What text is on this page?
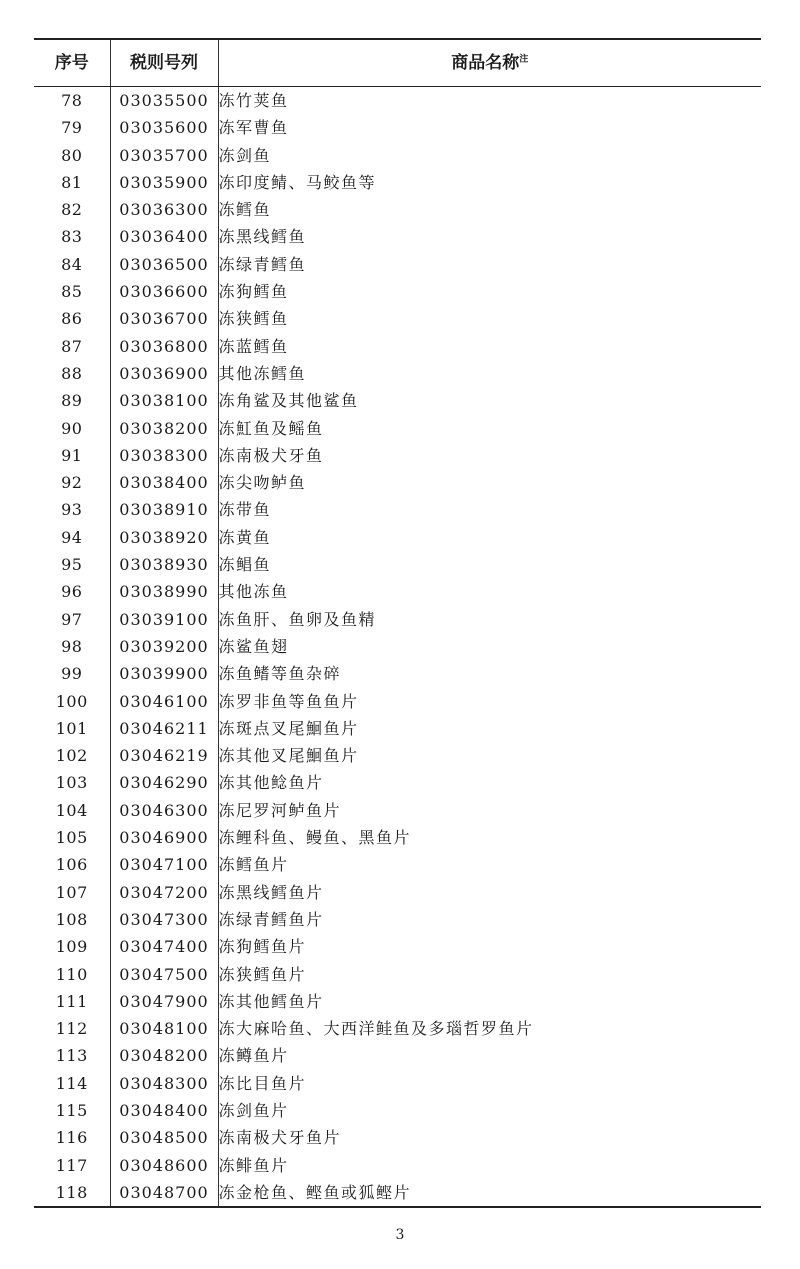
序号	税则号列	商品名称$^注$
78	03035500	冻竹荚鱼
79	03035600	冻军曹鱼
80	03035700	冻剑鱼
81	03035900	冻印度鲭、马鲛鱼等
82	03036300	冻鳕鱼
83	03036400	冻黑线鳕鱼
84	03036500	冻绿青鳕鱼
85	03036600	冻狗鳕鱼
86	03036700	冻狭鳕鱼
87	03036800	冻蓝鳕鱼
88	03036900	其他冻鳕鱼
89	03038100	冻角鲨及其他鲨鱼
90	03038200	冻魟鱼及鳐鱼
91	03038300	冻南极犬牙鱼
92	03038400	冻尖吻鲈鱼
93	03038910	冻带鱼
94	03038920	冻黄鱼
95	03038930	冻鲳鱼
96	03038990	其他冻鱼
97	03039100	冻鱼肝、鱼卵及鱼精
98	03039200	冻鲨鱼翅
99	03039900	冻鱼鳍等鱼杂碎
100	03046100	冻罗非鱼等鱼鱼片
101	03046211	冻斑点叉尾鮰鱼片
102	03046219	冻其他叉尾鮰鱼片
103	03046290	冻其他鲶鱼片
104	03046300	冻尼罗河鲈鱼片
105	03046900	冻鲤科鱼、鳗鱼、黑鱼片
106	03047100	冻鳕鱼片
107	03047200	冻黑线鳕鱼片
108	03047300	冻绿青鳕鱼片
109	03047400	冻狗鳕鱼片
110	03047500	冻狭鳕鱼片
111	03047900	冻其他鳕鱼片
112	03048100	冻大麻哈鱼、大西洋鲑鱼及多瑙哲罗鱼片
113	03048200	冻鳟鱼片
114	03048300	冻比目鱼片
115	03048400	冻剑鱼片
116	03048500	冻南极犬牙鱼片
117	03048600	冻鲱鱼片
118	03048700	冻金枪鱼、鲣鱼或狐鲣片
3
